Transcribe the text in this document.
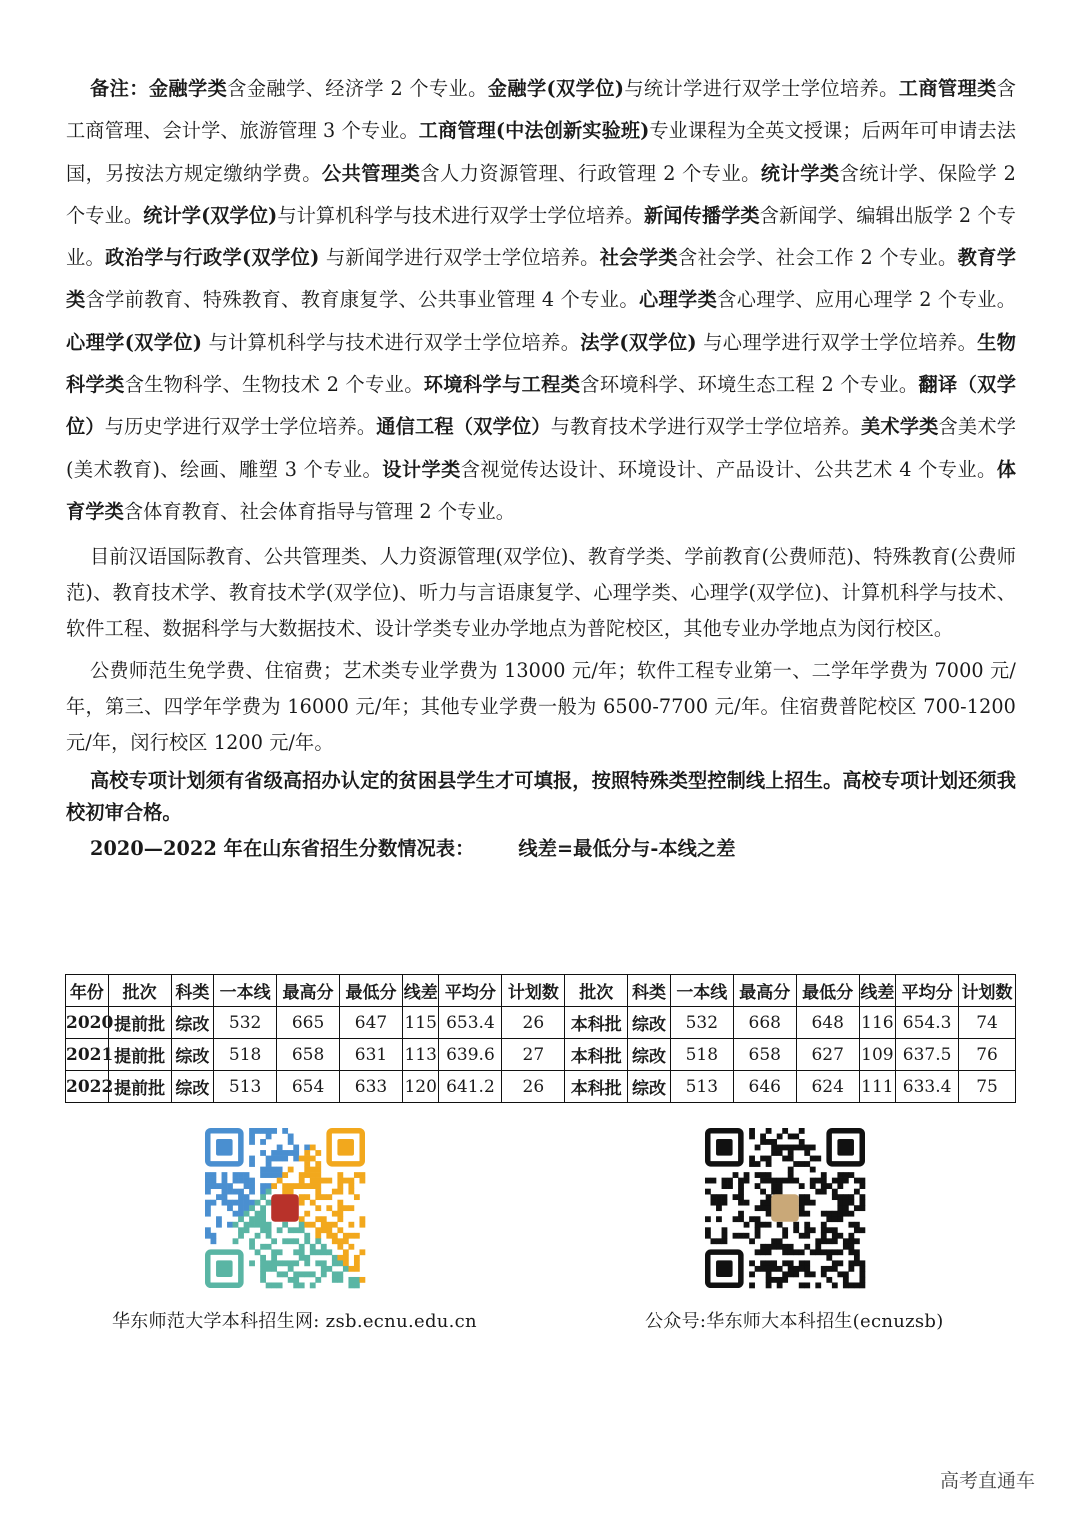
备注：金融学类含金融学、经济学 2 个专业。金融学(双学位)与统计学进行双学士学位培养。工商管理类含工商管理、会计学、旅游管理 3 个专业。工商管理(中法创新实验班)专业课程为全英文授课；后两年可申请去法国，另按法方规定缴纳学费。公共管理类含人力资源管理、行政管理 2 个专业。统计学类含统计学、保险学 2 个专业。统计学(双学位)与计算机科学与技术进行双学士学位培养。新闻传播学类含新闻学、编辑出版学 2 个专业。政治学与行政学(双学位) 与新闻学进行双学士学位培养。社会学类含社会学、社会工作 2 个专业。教育学类含学前教育、特殊教育、教育康复学、公共事业管理 4 个专业。心理学类含心理学、应用心理学 2 个专业。心理学(双学位) 与计算机科学与技术进行双学士学位培养。法学(双学位) 与心理学进行双学士学位培养。生物科学类含生物科学、生物技术 2 个专业。环境科学与工程类含环境科学、环境生态工程 2 个专业。翻译（双学位）与历史学进行双学士学位培养。通信工程（双学位）与教育技术学进行双学士学位培养。美术学类含美术学(美术教育)、绘画、雕塑 3 个专业。设计学类含视觉传达设计、环境设计、产品设计、公共艺术 4 个专业。体育学类含体育教育、社会体育指导与管理 2 个专业。

目前汉语国际教育、公共管理类、人力资源管理(双学位)、教育学类、学前教育(公费师范)、特殊教育(公费师范)、教育技术学、教育技术学(双学位)、听力与言语康复学、心理学类、心理学(双学位)、计算机科学与技术、软件工程、数据科学与大数据技术、设计学类专业办学地点为普陀校区，其他专业办学地点为闵行校区。

公费师范生免学费、住宿费；艺术类专业学费为 13000 元/年；软件工程专业第一、二学年学费为 7000 元/年，第三、四学年学费为 16000 元/年；其他专业学费一般为 6500-7700 元/年。住宿费普陀校区 700-1200 元/年，闵行校区 1200 元/年。

高校专项计划须有省级高招办认定的贫困县学生才可填报，按照特殊类型控制线上招生。高校专项计划还须我校初审合格。

2020—2022 年在山东省招生分数情况表： 线差=最低分与-本线之差

年份	批次	科类	一本线	最高分	最低分	线差	平均分	计划数	批次	科类	一本线	最高分	最低分	线差	平均分	计划数
2020	提前批	综改	532	665	647	115	653.4	26	本科批	综改	532	668	648	116	654.3	74
2021	提前批	综改	518	658	631	113	639.6	27	本科批	综改	518	658	627	109	637.5	76
2022	提前批	综改	513	654	633	120	641.2	26	本科批	综改	513	646	624	111	633.4	75
华东师范大学本科招生网: zsb.ecnu.edu.cn	公众号:华东师大本科招生(ecnuzsb)
高考直通车
